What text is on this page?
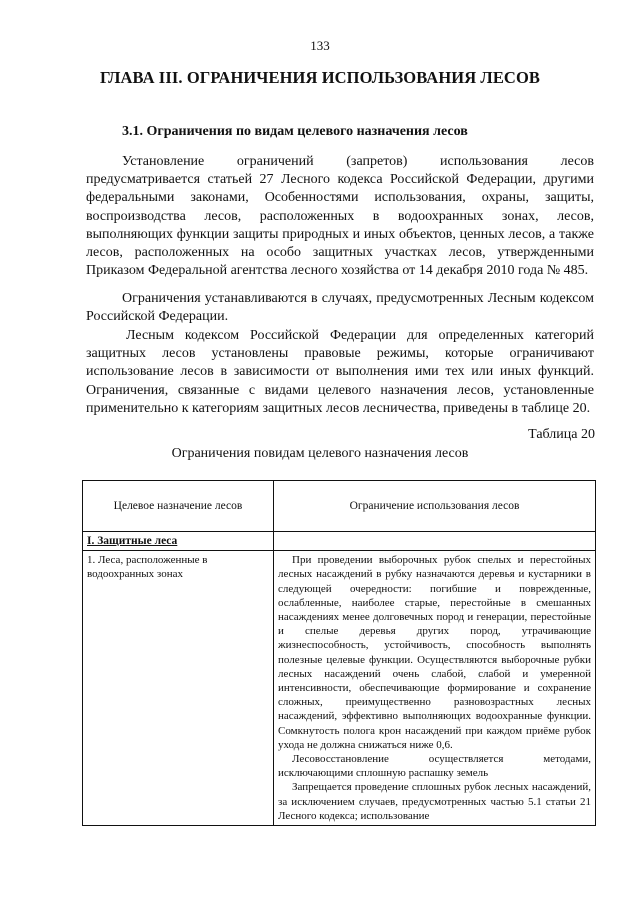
133
ГЛАВА III. ОГРАНИЧЕНИЯ ИСПОЛЬЗОВАНИЯ ЛЕСОВ
3.1. Ограничения по видам целевого назначения лесов

Установление ограничений (запретов) использования лесов предусматривается статьей 27 Лесного кодекса Российской Федерации, другими федеральными законами, Особенностями использования, охраны, защиты, воспроизводства лесов, расположенных в водоохранных зонах, лесов, выполняющих функции защиты природных и иных объектов, ценных лесов, а также лесов, расположенных на особо защитных участках лесов, утвержденными Приказом Федеральной агентства лесного хозяйства от 14 декабря 2010 года № 485.

Ограничения устанавливаются в случаях, предусмотренных Лесным кодексом Российской Федерации.

Лесным кодексом Российской Федерации для определенных категорий защитных лесов установлены правовые режимы, которые ограничивают использование лесов в зависимости от выполнения ими тех или иных функций. Ограничения, связанные с видами целевого назначения лесов, установленные применительно к категориям защитных лесов лесничества, приведены в таблице 20.

Таблица 20
Ограничения повидам целевого назначения лесов
Целевое назначение лесов	Ограничение использования лесов
I. Защитные леса	
1. Леса, расположенные в водоохранных зонах	При проведении выборочных рубок спелых и перестойных лесных насаждений в рубку назначаются деревья и кустарники в следующей очередности: погибшие и поврежденные, ослабленные, наиболее старые, перестойные в смешанных насаждениях менее долговечных пород и генерации, перестойные и спелые деревья других пород, утрачивающие жизнеспособность, устойчивость, способность выполнять полезные целевые функции. Осуществляются выборочные рубки лесных насаждений очень слабой, слабой и умеренной интенсивности, обеспечивающие формирование и сохранение сложных, преимущественно разновозрастных лесных насаждений, эффективно выполняющих водоохранные функции. Сомкнутость полога крон насаждений при каждом приёме рубок ухода не должна снижаться ниже 0,6.

Лесовосстановление осуществляется методами, исключающими сплошную распашку земель

Запрещается проведение сплошных рубок лесных насаждений, за исключением случаев, предусмотренных частью 5.1 статьи 21 Лесного кодекса; использование
